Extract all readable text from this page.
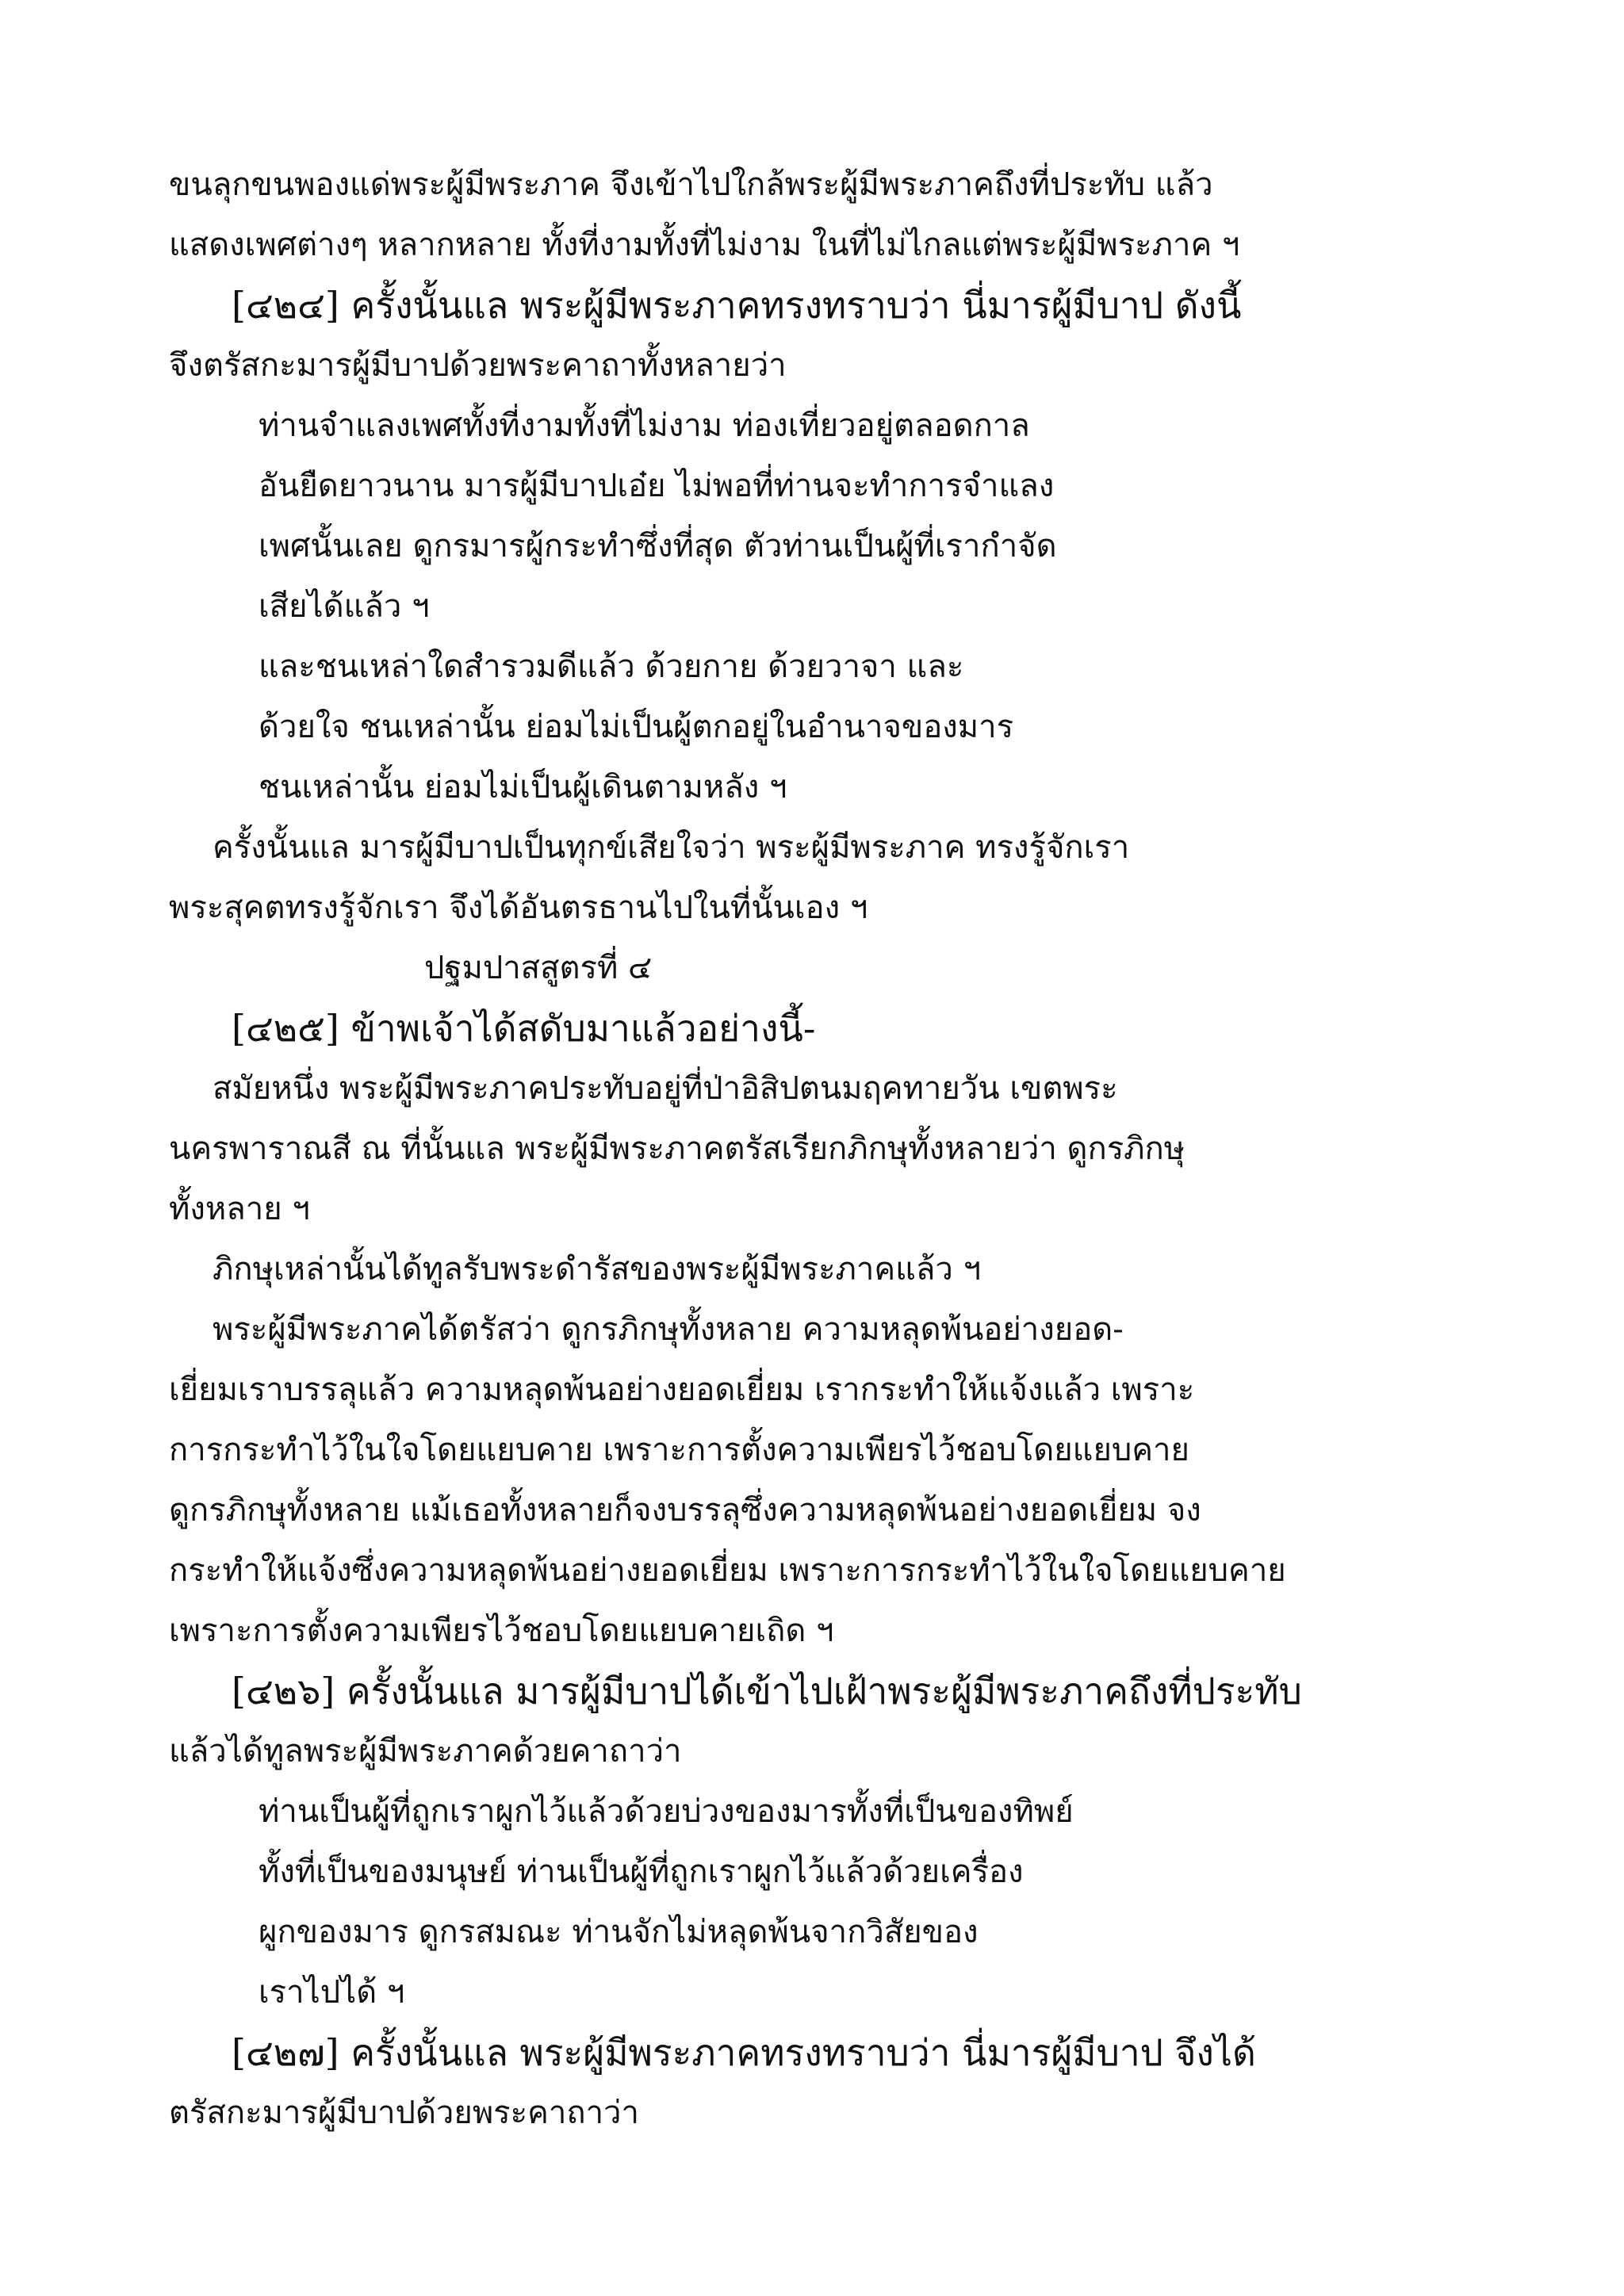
ขนลุกขนพองแด่พระผู้มีพระภาค จึงเข้าไปใกล้พระผู้มีพระภาคถึงที่ประทับ แล้ว
แสดงเพศต่างๆ หลากหลาย ทั้งที่งามทั้งที่ไม่งาม ในที่ไม่ไกลแต่พระผู้มีพระภาค ฯ
[๔๒๔] ครั้งนั้นแล พระผู้มีพระภาคทรงทราบว่า นี่มารผู้มีบาป ดังนี้
จึงตรัสกะมารผู้มีบาปด้วยพระคาถาทั้งหลายว่า
ท่านจำแลงเพศทั้งที่งามทั้งที่ไม่งาม ท่องเที่ยวอยู่ตลอดกาล
อันยืดยาวนาน มารผู้มีบาปเอ๋ย ไม่พอที่ท่านจะทำการจำแลง
เพศนั้นเลย ดูกรมารผู้กระทำซึ่งที่สุด ตัวท่านเป็นผู้ที่เรากำจัด
เสียได้แล้ว ฯ
และชนเหล่าใดสำรวมดีแล้ว ด้วยกาย ด้วยวาจา และ
ด้วยใจ ชนเหล่านั้น ย่อมไม่เป็นผู้ตกอยู่ในอำนาจของมาร
ชนเหล่านั้น ย่อมไม่เป็นผู้เดินตามหลัง ฯ
ครั้งนั้นแล มารผู้มีบาปเป็นทุกข์เสียใจว่า พระผู้มีพระภาค ทรงรู้จักเรา
พระสุคตทรงรู้จักเรา จึงได้อันตรธานไปในที่นั้นเอง ฯ
ปฐมปาสสูตรที่ ๔
[๔๒๕] ข้าพเจ้าได้สดับมาแล้วอย่างนี้-
สมัยหนึ่ง พระผู้มีพระภาคประทับอยู่ที่ป่าอิสิปตนมฤคทายวัน เขตพระ
นครพาราณสี ณ ที่นั้นแล พระผู้มีพระภาคตรัสเรียกภิกษุทั้งหลายว่า ดูกรภิกษุ
ทั้งหลาย ฯ
ภิกษุเหล่านั้นได้ทูลรับพระดำรัสของพระผู้มีพระภาคแล้ว ฯ
พระผู้มีพระภาคได้ตรัสว่า ดูกรภิกษุทั้งหลาย ความหลุดพ้นอย่างยอด-
เยี่ยมเราบรรลุแล้ว ความหลุดพ้นอย่างยอดเยี่ยม เรากระทำให้แจ้งแล้ว เพราะ
การกระทำไว้ในใจโดยแยบคาย เพราะการตั้งความเพียรไว้ชอบโดยแยบคาย
ดูกรภิกษุทั้งหลาย แม้เธอทั้งหลายก็จงบรรลุซึ่งความหลุดพ้นอย่างยอดเยี่ยม จง
กระทำให้แจ้งซึ่งความหลุดพ้นอย่างยอดเยี่ยม เพราะการกระทำไว้ในใจโดยแยบคาย
เพราะการตั้งความเพียรไว้ชอบโดยแยบคายเถิด ฯ
[๔๒๖] ครั้งนั้นแล มารผู้มีบาปได้เข้าไปเฝ้าพระผู้มีพระภาคถึงที่ประทับ
แล้วได้ทูลพระผู้มีพระภาคด้วยคาถาว่า
ท่านเป็นผู้ที่ถูกเราผูกไว้แล้วด้วยบ่วงของมารทั้งที่เป็นของทิพย์
ทั้งที่เป็นของมนุษย์ ท่านเป็นผู้ที่ถูกเราผูกไว้แล้วด้วยเครื่อง
ผูกของมาร ดูกรสมณะ ท่านจักไม่หลุดพ้นจากวิสัยของ
เราไปได้ ฯ
[๔๒๗] ครั้งนั้นแล พระผู้มีพระภาคทรงทราบว่า นี่มารผู้มีบาป จึงได้
ตรัสกะมารผู้มีบาปด้วยพระคาถาว่า
